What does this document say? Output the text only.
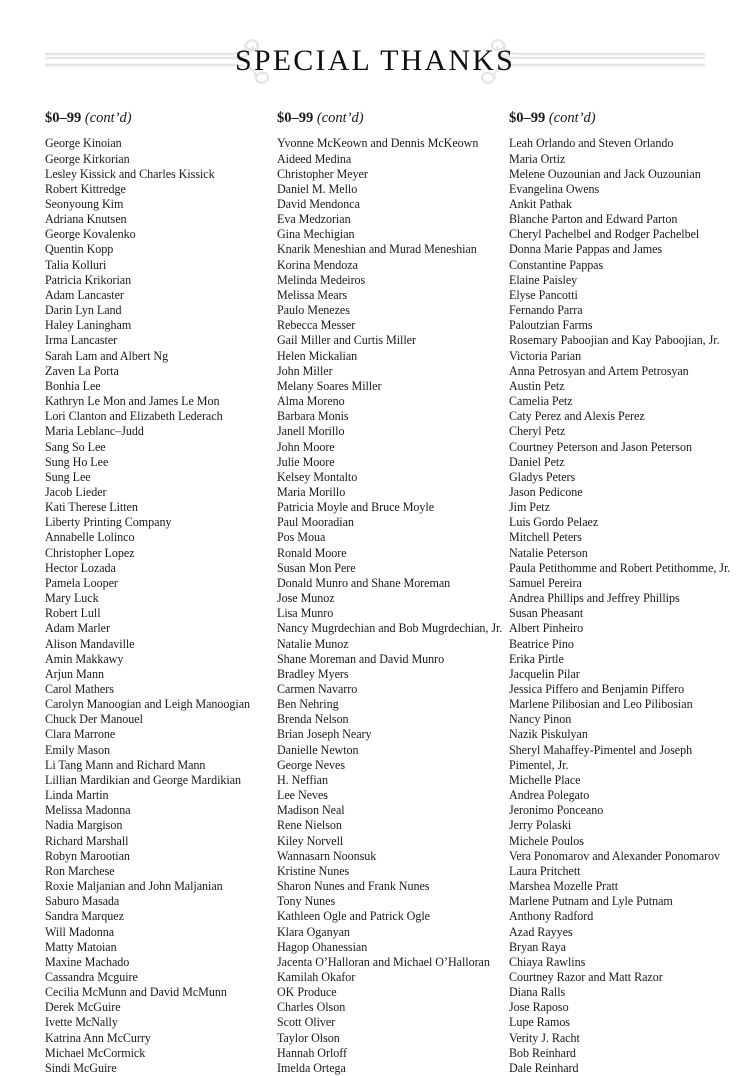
SPECIAL THANKS
$0–99 (cont’d)
George Kinoian
George Kirkorian
Lesley Kissick and Charles Kissick
Robert Kittredge
Seonyoung Kim
Adriana Knutsen
George Kovalenko
Quentin Kopp
Talia Kolluri
Patricia Krikorian
Adam Lancaster
Darin Lyn Land
Haley Laningham
Irma Lancaster
Sarah Lam and Albert Ng
Zaven La Porta
Bonhia Lee
Kathryn Le Mon and James Le Mon
Lori Clanton and Elizabeth Lederach
Maria Leblanc–Judd
Sang So Lee
Sung Ho Lee
Sung Lee
Jacob Lieder
Kati Therese Litten
Liberty Printing Company
Annabelle Lolinco
Christopher Lopez
Hector Lozada
Pamela Looper
Mary Luck
Robert Lull
Adam Marler
Alison Mandaville
Amin Makkawy
Arjun Mann
Carol Mathers
Carolyn Manoogian and Leigh Manoogian
Chuck Der Manouel
Clara Marrone
Emily Mason
Li Tang Mann and Richard Mann
Lillian Mardikian and George Mardikian
Linda Martin
Melissa Madonna
Nadia Margison
Richard Marshall
Robyn Marootian
Ron Marchese
Roxie Maljanian and John Maljanian
Saburo Masada
Sandra Marquez
Will Madonna
Matty Matoian
Maxine Machado
Cassandra Mcguire
Cecilia McMunn and David McMunn
Derek McGuire
Ivette McNally
Katrina Ann McCurry
Michael McCormick
Sindi McGuire
$0–99 (cont’d)
Yvonne McKeown and Dennis McKeown
Aideed Medina
Christopher Meyer
Daniel M. Mello
David Mendonca
Eva Medzorian
Gina Mechigian
Knarik Meneshian and Murad Meneshian
Korina Mendoza
Melinda Medeiros
Melissa Mears
Paulo Menezes
Rebecca Messer
Gail Miller and Curtis Miller
Helen Mickalian
John Miller
Melany Soares Miller
Alma Moreno
Barbara Monis
Janell Morillo
John Moore
Julie Moore
Kelsey Montalto
Maria Morillo
Patricia Moyle and Bruce Moyle
Paul Mooradian
Pos Moua
Ronald Moore
Susan Mon Pere
Donald Munro and Shane Moreman
Jose Munoz
Lisa Munro
Nancy Mugrdechian and Bob Mugrdechian, Jr.
Natalie Munoz
Shane Moreman and David Munro
Bradley Myers
Carmen Navarro
Ben Nehring
Brenda Nelson
Brian Joseph Neary
Danielle Newton
George Neves
H. Neffian
Lee Neves
Madison Neal
Rene Nielson
Kiley Norvell
Wannasarn Noonsuk
Kristine Nunes
Sharon Nunes and Frank Nunes
Tony Nunes
Kathleen Ogle and Patrick Ogle
Klara Oganyan
Hagop Ohanessian
Jacenta O’Halloran and Michael O’Halloran
Kamilah Okafor
OK Produce
Charles Olson
Scott Oliver
Taylor Olson
Hannah Orloff
Imelda Ortega
$0–99 (cont’d)
Leah Orlando and Steven Orlando
Maria Ortiz
Melene Ouzounian and Jack Ouzounian
Evangelina Owens
Ankit Pathak
Blanche Parton and Edward Parton
Cheryl Pachelbel and Rodger Pachelbel
Donna Marie Pappas and James
Constantine Pappas
Elaine Paisley
Elyse Pancotti
Fernando Parra
Paloutzian Farms
Rosemary Paboojian and Kay Paboojian, Jr.
Victoria Parian
Anna Petrosyan and Artem Petrosyan
Austin Petz
Camelia Petz
Caty Perez and Alexis Perez
Cheryl Petz
Courtney Peterson and Jason Peterson
Daniel Petz
Gladys Peters
Jason Pedicone
Jim Petz
Luis Gordo Pelaez
Mitchell Peters
Natalie Peterson
Paula Petithomme and Robert Petithomme, Jr.
Samuel Pereira
Andrea Phillips and Jeffrey Phillips
Susan Pheasant
Albert Pinheiro
Beatrice Pino
Erika Pirtle
Jacquelin Pilar
Jessica Piffero and Benjamin Piffero
Marlene Pilibosian and Leo Pilibosian
Nancy Pinon
Nazik Piskulyan
Sheryl Mahaffey-Pimentel and Joseph Pimentel, Jr.
Michelle Place
Andrea Polegato
Jeronimo Ponceano
Jerry Polaski
Michele Poulos
Vera Ponomarov and Alexander Ponomarov
Laura Pritchett
Marshea Mozelle Pratt
Marlene Putnam and Lyle Putnam
Anthony Radford
Azad Rayyes
Bryan Raya
Chiaya Rawlins
Courtney Razor and Matt Razor
Diana Ralls
Jose Raposo
Lupe Ramos
Verity J. Racht
Bob Reinhard
Dale Reinhard
